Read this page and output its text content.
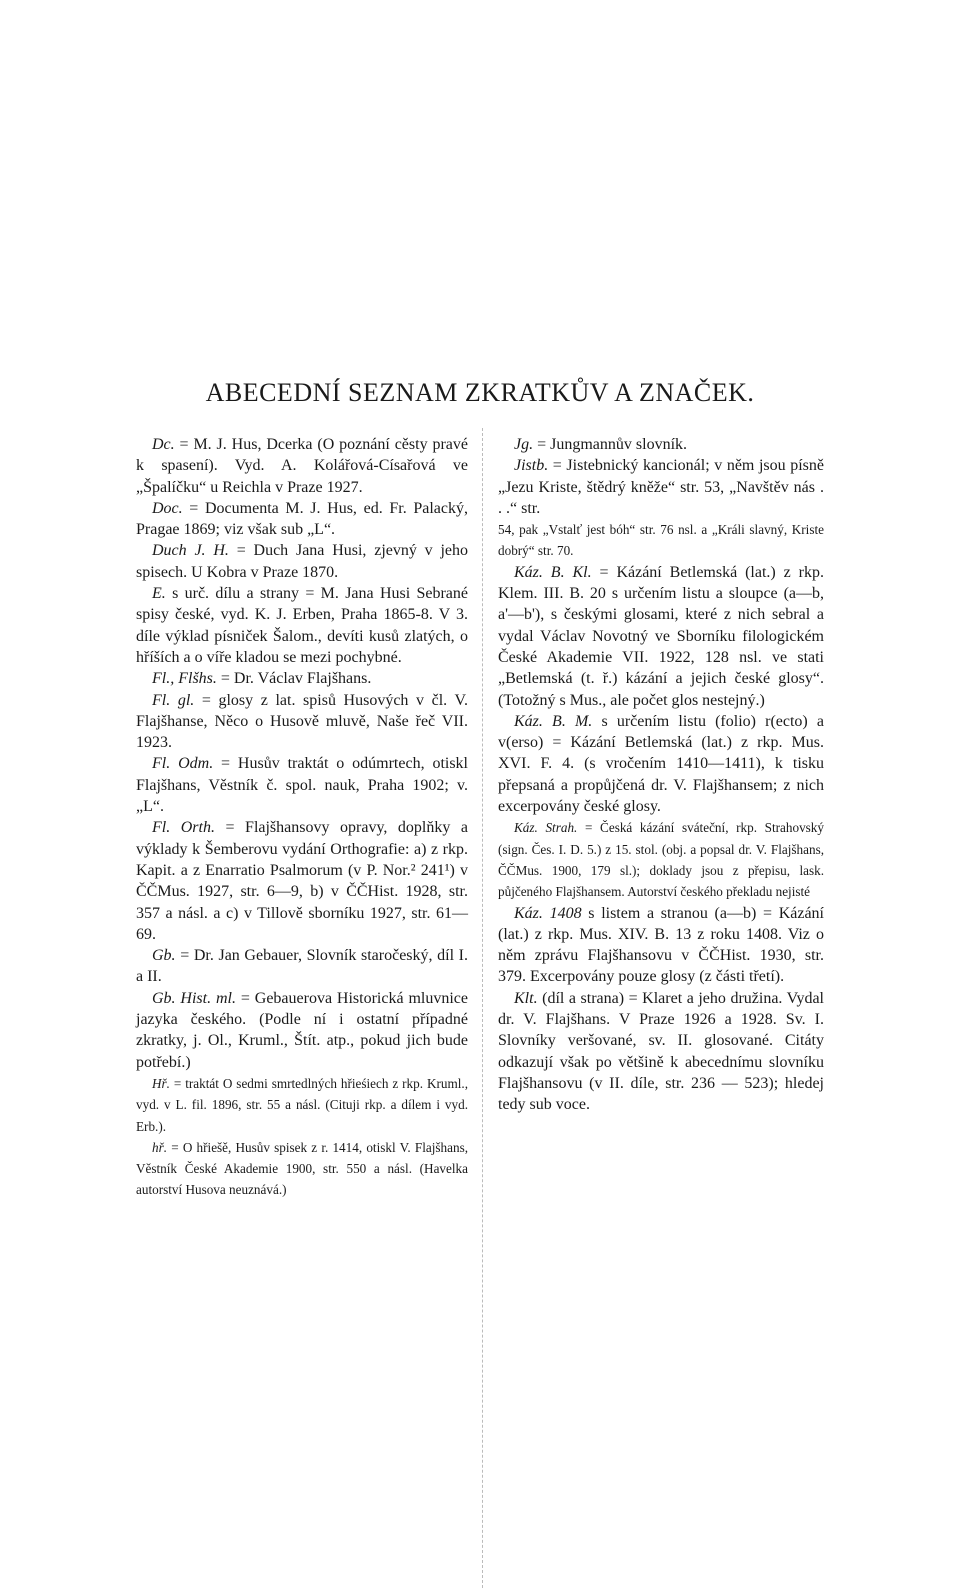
ABECEDNÍ SEZNAM ZKRATKŮV A ZNAČEK.

Dc. = M. J. Hus, Dcerka (O poznání cěsty pravé k spasení). Vyd. A. Kolářová-Císařová ve „Špalíčku“ u Reichla v Praze 1927.

Doc. = Documenta M. J. Hus, ed. Fr. Palacký, Pragae 1869; viz však sub „L“.

Duch J. H. = Duch Jana Husi, zjevný v jeho spisech. U Kobra v Praze 1870.

E. s urč. dílu a strany = M. Jana Husi Sebrané spisy české, vyd. K. J. Erben, Praha 1865-8. V 3. díle výklad písniček Šalom., devíti kusů zlatých, o hříších a o víře kladou se mezi pochybné.

Fl., Flšhs. = Dr. Václav Flajšhans.

Fl. gl. = glosy z lat. spisů Husových v čl. V. Flajšhanse, Něco o Husově mluvě, Naše řeč VII. 1923.

Fl. Odm. = Husův traktát o odúmrtech, otiskl Flajšhans, Věstník č. spol. nauk, Praha 1902; v. „L“.

Fl. Orth. = Flajšhansovy opravy, doplňky a výklady k Šemberovu vydání Orthografie: a) z rkp. Kapit. a z Enarratio Psalmorum (v P. Nor.² 241¹) v ČČMus. 1927, str. 6—9, b) v ČČHist. 1928, str. 357 a násl. a c) v Tillově sborníku 1927, str. 61—69.

Gb. = Dr. Jan Gebauer, Slovník staročeský, díl I. a II.

Gb. Hist. ml. = Gebauerova Historická mluvnice jazyka českého. (Podle ní i ostatní případné zkratky, j. Ol., Kruml., Štít. atp., pokud jich bude potřebí.)

Hř. = traktát O sedmi smrtedlných hřieśiech z rkp. Kruml., vyd. v L. fil. 1896, str. 55 a násl. (Cituji rkp. a dílem i vyd. Erb.).

hř. = O hřiešě, Husův spisek z r. 1414, otiskl V. Flajšhans, Věstník České Akademie 1900, str. 550 a násl. (Havelka autorství Husova neuznává.)

Jg. = Jungmannův slovník.

Jistb. = Jistebnický kancionál; v něm jsou písně „Jezu Kriste, štědrý kněže“ str. 53, „Navštěv nás . . .“ str.

54, pak „Vstalť jest bóh“ str. 76 nsl. a „Králi slavný, Kriste dobrý“ str. 70.

Káz. B. Kl. = Kázání Betlemská (lat.) z rkp. Klem. III. B. 20 s určením listu a sloupce (a—b, a'—b'), s českými glosami, které z nich sebral a vydal Václav Novotný ve Sborníku filologickém České Akademie VII. 1922, 128 nsl. ve stati „Betlemská (t. ř.) kázání a jejich české glosy“. (Totožný s Mus., ale počet glos nestejný.)

Káz. B. M. s určením listu (folio) r(ecto) a v(erso) = Kázání Betlemská (lat.) z rkp. Mus. XVI. F. 4. (s vročením 1410—1411), k tisku přepsaná a propůjčená dr. V. Flajšhansem; z nich excerpovány české glosy.

Káz. Strah. = Česká kázání sváteční, rkp. Strahovský (sign. Čes. I. D. 5.) z 15. stol. (obj. a popsal dr. V. Flajšhans, ČČMus. 1900, 179 sl.); doklady jsou z přepisu, lask. půjčeného Flajšhansem. Autorství českého překladu nejisté

Káz. 1408 s listem a stranou (a—b) = Kázání (lat.) z rkp. Mus. XIV. B. 13 z roku 1408. Viz o něm zprávu Flajšhansovu v ČČHist. 1930, str. 379. Excerpovány pouze glosy (z části třetí).

Klt. (díl a strana) = Klaret a jeho družina. Vydal dr. V. Flajšhans. V Praze 1926 a 1928. Sv. I. Slovníky veršované, sv. II. glosované. Citáty odkazují však po většině k abecednímu slovníku Flajšhansovu (v II. díle, str. 236 — 523); hledej tedy sub voce.
